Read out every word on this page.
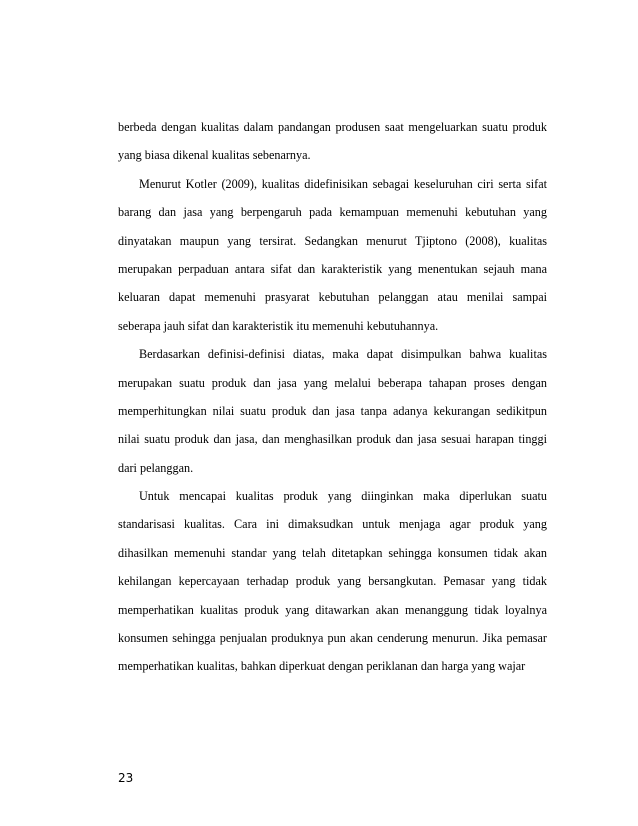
berbeda dengan kualitas dalam pandangan produsen saat mengeluarkan suatu produk
yang biasa dikenal kualitas sebenarnya.
Menurut Kotler (2009), kualitas didefinisikan sebagai keseluruhan ciri serta sifat
barang dan jasa yang berpengaruh pada kemampuan memenuhi kebutuhan yang
dinyatakan maupun yang tersirat. Sedangkan menurut Tjiptono (2008), kualitas
merupakan perpaduan antara sifat dan karakteristik yang menentukan sejauh mana
keluaran dapat memenuhi prasyarat kebutuhan pelanggan atau menilai sampai
seberapa jauh sifat dan karakteristik itu memenuhi kebutuhannya.
Berdasarkan definisi-definisi diatas, maka dapat disimpulkan bahwa kualitas
merupakan suatu produk dan jasa yang melalui beberapa tahapan proses dengan
memperhitungkan nilai suatu produk dan jasa tanpa adanya kekurangan sedikitpun
nilai suatu produk dan jasa, dan menghasilkan produk dan jasa sesuai harapan tinggi
dari pelanggan.
Untuk mencapai kualitas produk yang diinginkan maka diperlukan suatu
standarisasi kualitas. Cara ini dimaksudkan untuk menjaga agar produk yang
dihasilkan memenuhi standar yang telah ditetapkan sehingga konsumen tidak akan
kehilangan kepercayaan terhadap produk yang bersangkutan. Pemasar yang tidak
memperhatikan kualitas produk yang ditawarkan akan menanggung tidak loyalnya
konsumen sehingga penjualan produknya pun akan cenderung menurun. Jika pemasar
memperhatikan kualitas, bahkan diperkuat dengan periklanan dan harga yang wajar
23
